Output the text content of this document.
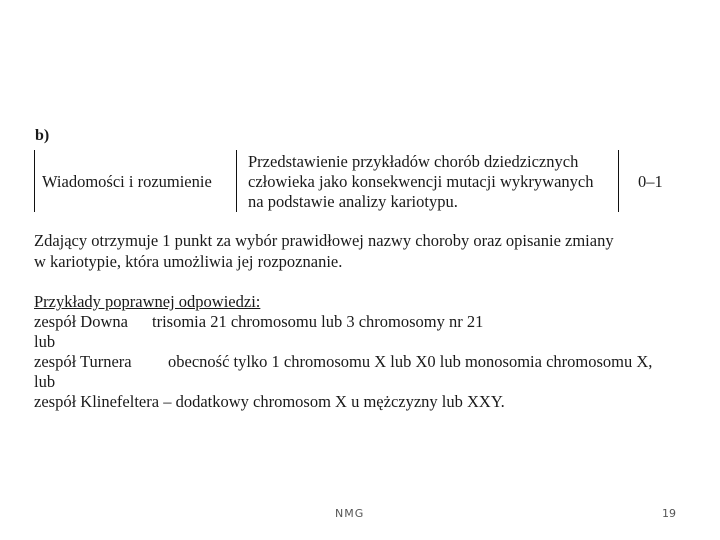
b)
Wiadomości i rozumienie
Przedstawienie przykładów chorób dziedzicznych
człowieka jako konsekwencji mutacji wykrywanych
na podstawie analizy kariotypu.
0–1
Zdający otrzymuje 1 punkt za wybór prawidłowej nazwy choroby oraz opisanie zmiany
w kariotypie, która umożliwia jej rozpoznanie.
Przykłady poprawnej odpowiedzi:
zespół Downa trisomia 21 chromosomu lub 3 chromosomy nr 21
lub
zespół Turnera obecność tylko 1 chromosomu X lub X0 lub monosomia chromosomu X,
lub
zespół Klinefeltera – dodatkowy chromosom X u mężczyzny lub XXY.
NMG	19
